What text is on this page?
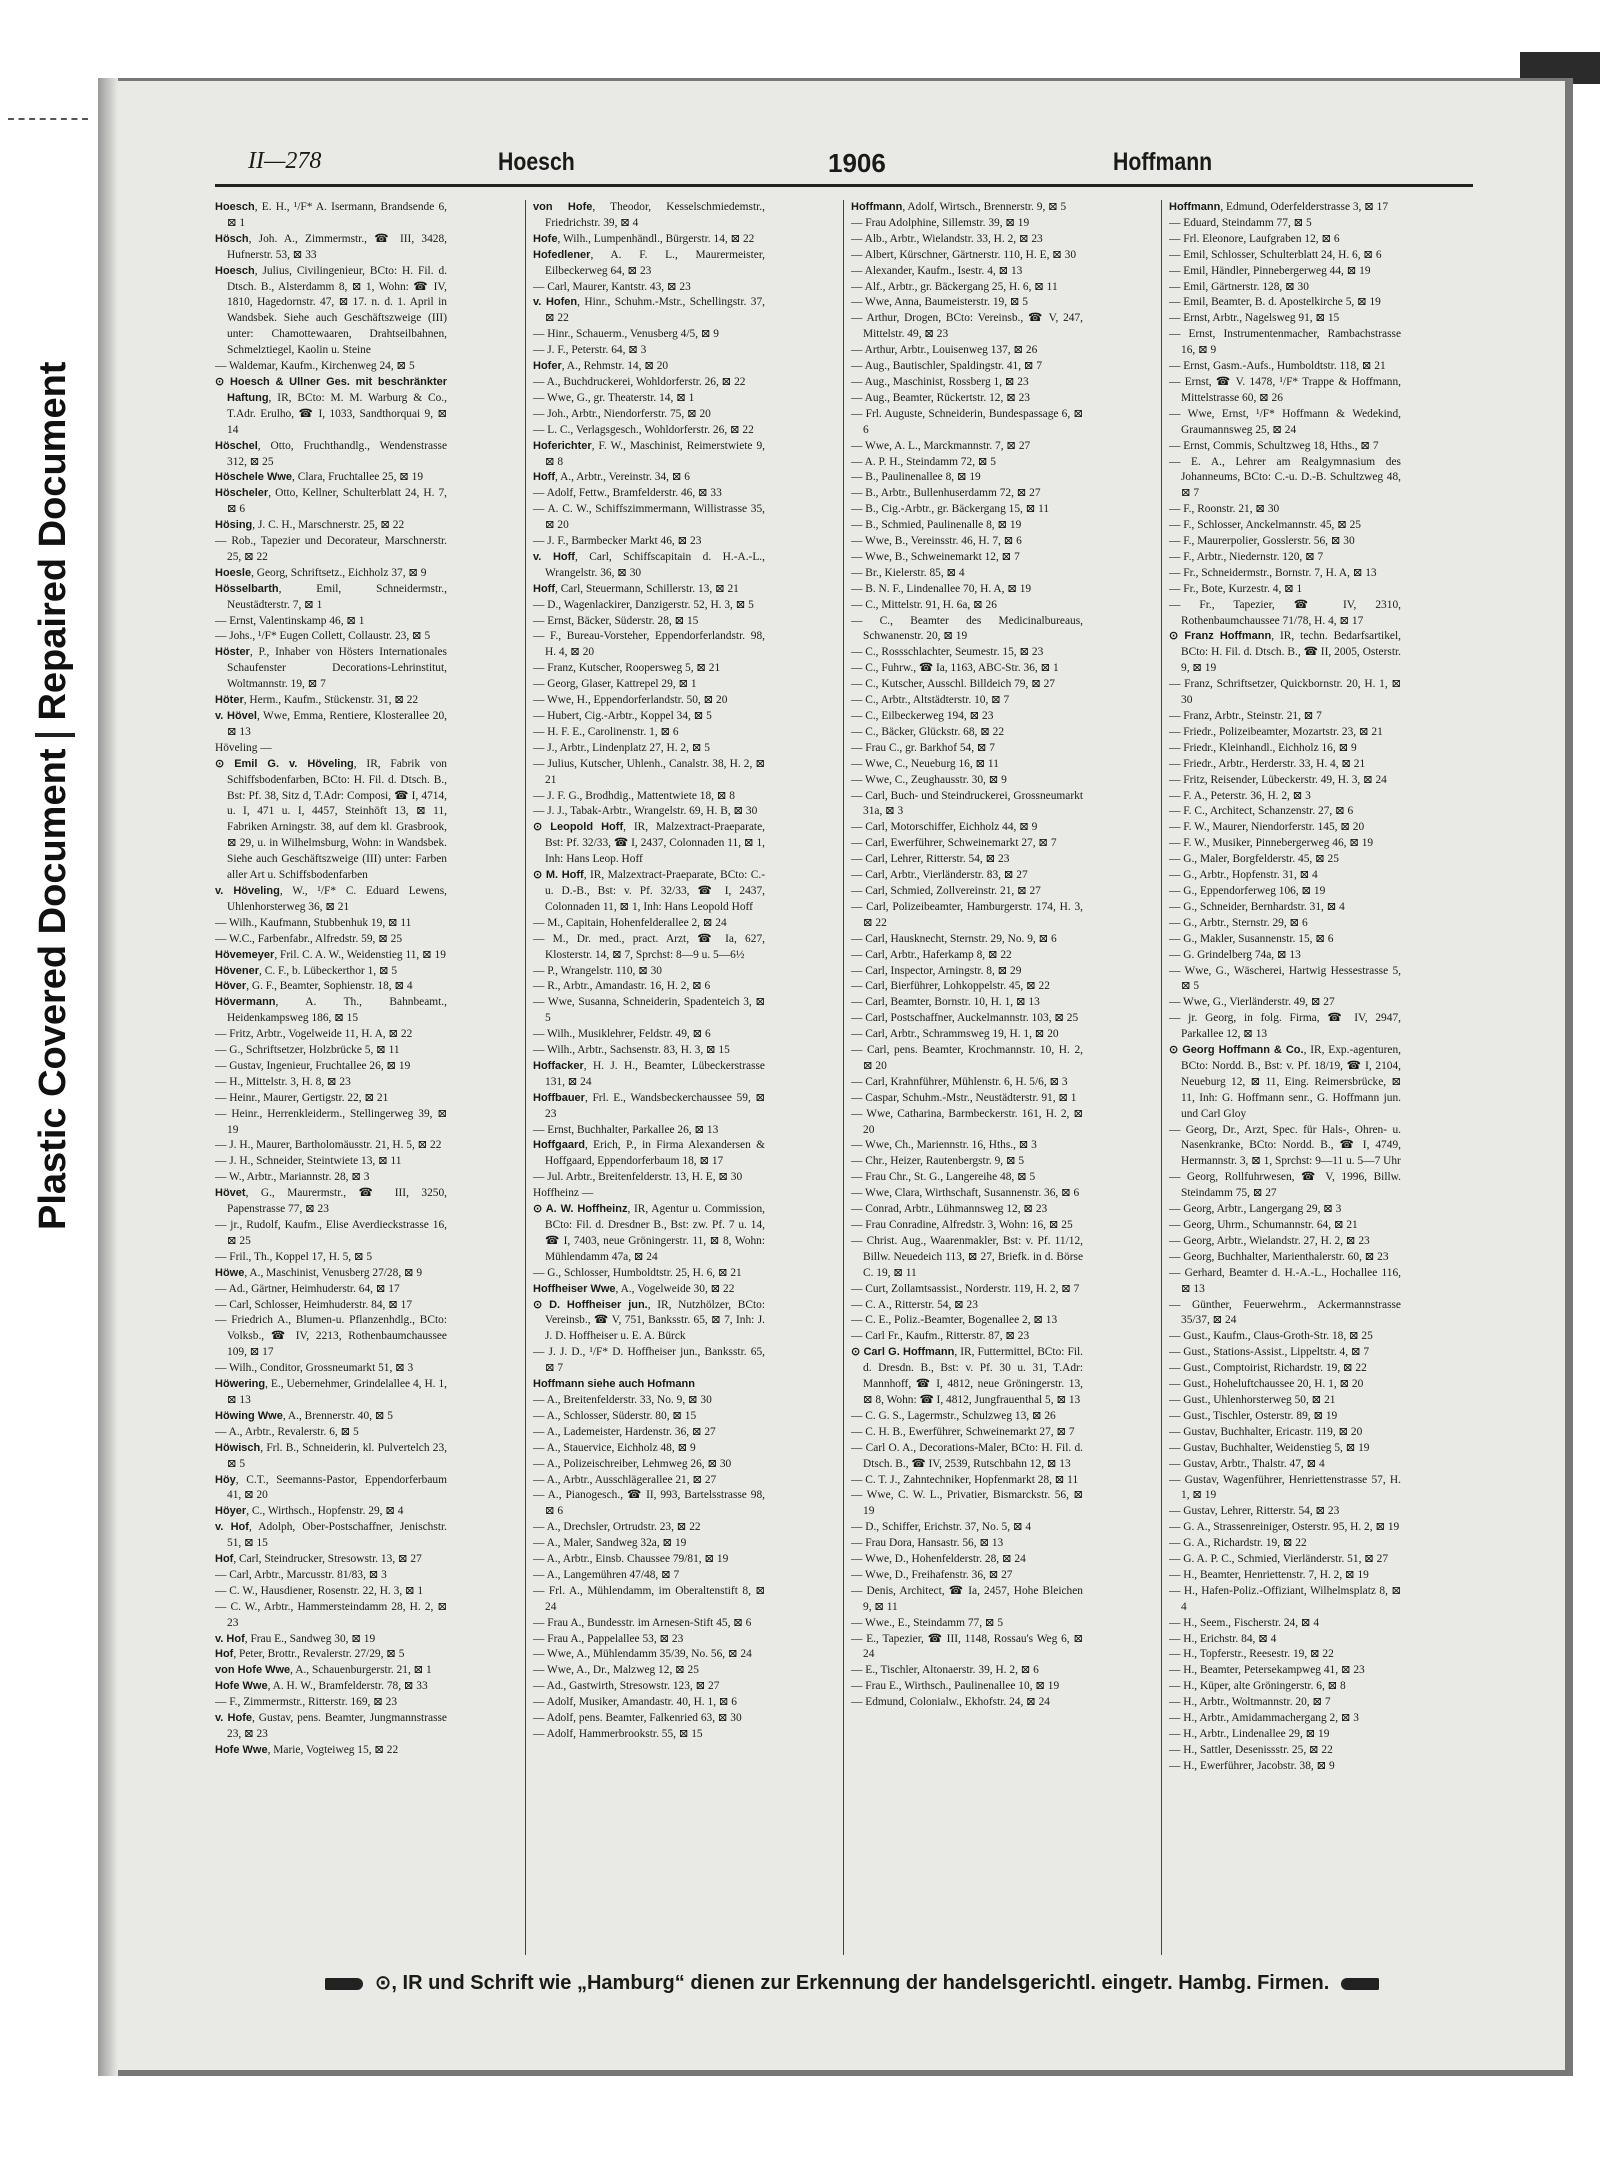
Plastic Covered DocumentRepaired Document
II—278	Hoesch	1906	Hoffmann

Hoesch, E. H., ¹/F* A. Isermann, Brandsende 6, ⊠ 1

Hösch, Joh. A., Zimmermstr., ☎ III, 3428, Hufnerstr. 53, ⊠ 33

Hoesch, Julius, Civilingenieur, BCto: H. Fil. d. Dtsch. B., Alsterdamm 8, ⊠ 1, Wohn: ☎ IV, 1810, Hagedornstr. 47, ⊠ 17. n. d. 1. April in Wandsbek. Siehe auch Geschäftszweige (III) unter: Chamottewaaren, Drahtseilbahnen, Schmelztiegel, Kaolin u. Steine

— Waldemar, Kaufm., Kirchenweg 24, ⊠ 5

⊙ Hoesch & Ullner Ges. mit beschränkter Haftung, IR, BCto: M. M. Warburg & Co., T.Adr. Erulho, ☎ I, 1033, Sandthorquai 9, ⊠ 14

Höschel, Otto, Fruchthandlg., Wendenstrasse 312, ⊠ 25

Höschele Wwe, Clara, Fruchtallee 25, ⊠ 19

Höscheler, Otto, Kellner, Schulterblatt 24, H. 7, ⊠ 6

Hösing, J. C. H., Marschnerstr. 25, ⊠ 22

— Rob., Tapezier und Decorateur, Marschnerstr. 25, ⊠ 22

Hoesle, Georg, Schriftsetz., Eichholz 37, ⊠ 9

Hösselbarth, Emil, Schneidermstr., Neustädterstr. 7, ⊠ 1

— Ernst, Valentinskamp 46, ⊠ 1

— Johs., ¹/F* Eugen Collett, Collaustr. 23, ⊠ 5

Höster, P., Inhaber von Hösters Internationales Schaufenster Decorations-Lehrinstitut, Woltmannstr. 19, ⊠ 7

Höter, Herm., Kaufm., Stückenstr. 31, ⊠ 22

v. Hövel, Wwe, Emma, Rentiere, Klosterallee 20, ⊠ 13

Höveling —

⊙ Emil G. v. Höveling, IR, Fabrik von Schiffsbodenfarben, BCto: H. Fil. d. Dtsch. B., Bst: Pf. 38, Sitz d, T.Adr: Composi, ☎ I, 4714, u. I, 471 u. I, 4457, Steinhöft 13, ⊠ 11, Fabriken Arningstr. 38, auf dem kl. Grasbrook, ⊠ 29, u. in Wilhelmsburg, Wohn: in Wandsbek. Siehe auch Geschäftszweige (III) unter: Farben aller Art u. Schiffsbodenfarben

v. Höveling, W., ¹/F* C. Eduard Lewens, Uhlenhorsterweg 36, ⊠ 21

— Wilh., Kaufmann, Stubbenhuk 19, ⊠ 11

— W.C., Farbenfabr., Alfredstr. 59, ⊠ 25

Hövemeyer, Fril. C. A. W., Weidenstieg 11, ⊠ 19

Hövener, C. F., b. Lübeckerthor 1, ⊠ 5

Höver, G. F., Beamter, Sophienstr. 18, ⊠ 4

Hövermann, A. Th., Bahnbeamt., Heidenkampsweg 186, ⊠ 15

— Fritz, Arbtr., Vogelweide 11, H. A, ⊠ 22

— G., Schriftsetzer, Holzbrücke 5, ⊠ 11

— Gustav, Ingenieur, Fruchtallee 26, ⊠ 19

— H., Mittelstr. 3, H. 8, ⊠ 23

— Heinr., Maurer, Gertigstr. 22, ⊠ 21

— Heinr., Herrenkleiderm., Stellingerweg 39, ⊠ 19

— J. H., Maurer, Bartholomäusstr. 21, H. 5, ⊠ 22

— J. H., Schneider, Steintwiete 13, ⊠ 11

— W., Arbtr., Mariannstr. 28, ⊠ 3

Hövet, G., Maurermstr., ☎ III, 3250, Papenstrasse 77, ⊠ 23

— jr., Rudolf, Kaufm., Elise Averdieckstrasse 16, ⊠ 25

— Fril., Th., Koppel 17, H. 5, ⊠ 5

Höwe, A., Maschinist, Venusberg 27/28, ⊠ 9

— Ad., Gärtner, Heimhuderstr. 64, ⊠ 17

— Carl, Schlosser, Heimhuderstr. 84, ⊠ 17

— Friedrich A., Blumen-u. Pflanzenhdlg., BCto: Volksb., ☎ IV, 2213, Rothenbaumchaussee 109, ⊠ 17

— Wilh., Conditor, Grossneumarkt 51, ⊠ 3

Höwering, E., Uebernehmer, Grindelallee 4, H. 1, ⊠ 13

Höwing Wwe, A., Brennerstr. 40, ⊠ 5

— A., Arbtr., Revalerstr. 6, ⊠ 5

Höwisch, Frl. B., Schneiderin, kl. Pulvertelch 23, ⊠ 5

Höy, C.T., Seemanns-Pastor, Eppendorferbaum 41, ⊠ 20

Höyer, C., Wirthsch., Hopfenstr. 29, ⊠ 4

v. Hof, Adolph, Ober-Postschaffner, Jenischstr. 51, ⊠ 15

Hof, Carl, Steindrucker, Stresowstr. 13, ⊠ 27

— Carl, Arbtr., Marcusstr. 81/83, ⊠ 3

— C. W., Hausdiener, Rosenstr. 22, H. 3, ⊠ 1

— C. W., Arbtr., Hammersteindamm 28, H. 2, ⊠ 23

v. Hof, Frau E., Sandweg 30, ⊠ 19

Hof, Peter, Brottr., Revalerstr. 27/29, ⊠ 5

von Hofe Wwe, A., Schauenburgerstr. 21, ⊠ 1

Hofe Wwe, A. H. W., Bramfelderstr. 78, ⊠ 33

— F., Zimmermstr., Ritterstr. 169, ⊠ 23

v. Hofe, Gustav, pens. Beamter, Jungmannstrasse 23, ⊠ 23

Hofe Wwe, Marie, Vogteiweg 15, ⊠ 22

von Hofe, Theodor, Kesselschmiedemstr., Friedrichstr. 39, ⊠ 4

Hofe, Wilh., Lumpenhändl., Bürgerstr. 14, ⊠ 22

Hofedlener, A. F. L., Maurermeister, Eilbeckerweg 64, ⊠ 23

— Carl, Maurer, Kantstr. 43, ⊠ 23

v. Hofen, Hinr., Schuhm.-Mstr., Schellingstr. 37, ⊠ 22

— Hinr., Schauerm., Venusberg 4/5, ⊠ 9

— J. F., Peterstr. 64, ⊠ 3

Hofer, A., Rehmstr. 14, ⊠ 20

— A., Buchdruckerei, Wohldorferstr. 26, ⊠ 22

— Wwe, G., gr. Theaterstr. 14, ⊠ 1

— Joh., Arbtr., Niendorferstr. 75, ⊠ 20

— L. C., Verlagsgesch., Wohldorferstr. 26, ⊠ 22

Hoferichter, F. W., Maschinist, Reimerstwiete 9, ⊠ 8

Hoff, A., Arbtr., Vereinstr. 34, ⊠ 6

— Adolf, Fettw., Bramfelderstr. 46, ⊠ 33

— A. C. W., Schiffszimmermann, Willistrasse 35, ⊠ 20

— J. F., Barmbecker Markt 46, ⊠ 23

v. Hoff, Carl, Schiffscapitain d. H.-A.-L., Wrangelstr. 36, ⊠ 30

Hoff, Carl, Steuermann, Schillerstr. 13, ⊠ 21

— D., Wagenlackirer, Danzigerstr. 52, H. 3, ⊠ 5

— Ernst, Bäcker, Süderstr. 28, ⊠ 15

— F., Bureau-Vorsteher, Eppendorferlandstr. 98, H. 4, ⊠ 20

— Franz, Kutscher, Roopersweg 5, ⊠ 21

— Georg, Glaser, Kattrepel 29, ⊠ 1

— Wwe, H., Eppendorferlandstr. 50, ⊠ 20

— Hubert, Cig.-Arbtr., Koppel 34, ⊠ 5

— H. F. E., Carolinenstr. 1, ⊠ 6

— J., Arbtr., Lindenplatz 27, H. 2, ⊠ 5

— Julius, Kutscher, Uhlenh., Canalstr. 38, H. 2, ⊠ 21

— J. F. G., Brodhdig., Mattentwiete 18, ⊠ 8

— J. J., Tabak-Arbtr., Wrangelstr. 69, H. B, ⊠ 30

⊙ Leopold Hoff, IR, Malzextract-Praeparate, Bst: Pf. 32/33, ☎ I, 2437, Colonnaden 11, ⊠ 1, Inh: Hans Leop. Hoff

⊙ M. Hoff, IR, Malzextract-Praeparate, BCto: C.-u. D.-B., Bst: v. Pf. 32/33, ☎ I, 2437, Colonnaden 11, ⊠ 1, Inh: Hans Leopold Hoff

— M., Capitain, Hohenfelderallee 2, ⊠ 24

— M., Dr. med., pract. Arzt, ☎ Ia, 627, Klosterstr. 14, ⊠ 7, Sprchst: 8—9 u. 5—6½

— P., Wrangelstr. 110, ⊠ 30

— R., Arbtr., Amandastr. 16, H. 2, ⊠ 6

— Wwe, Susanna, Schneiderin, Spadenteich 3, ⊠ 5

— Wilh., Musiklehrer, Feldstr. 49, ⊠ 6

— Wilh., Arbtr., Sachsenstr. 83, H. 3, ⊠ 15

Hoffacker, H. J. H., Beamter, Lübeckerstrasse 131, ⊠ 24

Hoffbauer, Frl. E., Wandsbeckerchaussee 59, ⊠ 23

— Ernst, Buchhalter, Parkallee 26, ⊠ 13

Hoffgaard, Erich, P., in Firma Alexandersen & Hoffgaard, Eppendorferbaum 18, ⊠ 17

— Jul. Arbtr., Breitenfelderstr. 13, H. E, ⊠ 30

Hoffheinz —

⊙ A. W. Hoffheinz, IR, Agentur u. Commission, BCto: Fil. d. Dresdner B., Bst: zw. Pf. 7 u. 14, ☎ I, 7403, neue Gröningerstr. 11, ⊠ 8, Wohn: Mühlendamm 47a, ⊠ 24

— G., Schlosser, Humboldtstr. 25, H. 6, ⊠ 21

Hoffheiser Wwe, A., Vogelweide 30, ⊠ 22

⊙ D. Hoffheiser jun., IR, Nutzhölzer, BCto: Vereinsb., ☎ V, 751, Banksstr. 65, ⊠ 7, Inh: J. J. D. Hoffheiser u. E. A. Bürck

— J. J. D., ¹/F* D. Hoffheiser jun., Banksstr. 65, ⊠ 7

Hoffmann siehe auch Hofmann

— A., Breitenfelderstr. 33, No. 9, ⊠ 30

— A., Schlosser, Süderstr. 80, ⊠ 15

— A., Lademeister, Hardenstr. 36, ⊠ 27

— A., Stauervice, Eichholz 48, ⊠ 9

— A., Polizeischreiber, Lehmweg 26, ⊠ 30

— A., Arbtr., Ausschlägerallee 21, ⊠ 27

— A., Pianogesch., ☎ II, 993, Bartelsstrasse 98, ⊠ 6

— A., Drechsler, Ortrudstr. 23, ⊠ 22

— A., Maler, Sandweg 32a, ⊠ 19

— A., Arbtr., Einsb. Chaussee 79/81, ⊠ 19

— A., Langemühren 47/48, ⊠ 7

— Frl. A., Mühlendamm, im Oberaltenstift 8, ⊠ 24

— Frau A., Bundesstr. im Arnesen-Stift 45, ⊠ 6

— Frau A., Pappelallee 53, ⊠ 23

— Wwe, A., Mühlendamm 35/39, No. 56, ⊠ 24

— Wwe, A., Dr., Malzweg 12, ⊠ 25

— Ad., Gastwirth, Stresowstr. 123, ⊠ 27

— Adolf, Musiker, Amandastr. 40, H. 1, ⊠ 6

— Adolf, pens. Beamter, Falkenried 63, ⊠ 30

— Adolf, Hammerbrookstr. 55, ⊠ 15

Hoffmann, Adolf, Wirtsch., Brennerstr. 9, ⊠ 5

— Frau Adolphine, Sillemstr. 39, ⊠ 19

— Alb., Arbtr., Wielandstr. 33, H. 2, ⊠ 23

— Albert, Kürschner, Gärtnerstr. 110, H. E, ⊠ 30

— Alexander, Kaufm., Isestr. 4, ⊠ 13

— Alf., Arbtr., gr. Bäckergang 25, H. 6, ⊠ 11

— Wwe, Anna, Baumeisterstr. 19, ⊠ 5

— Arthur, Drogen, BCto: Vereinsb., ☎ V, 247, Mittelstr. 49, ⊠ 23

— Arthur, Arbtr., Louisenweg 137, ⊠ 26

— Aug., Bautischler, Spaldingstr. 41, ⊠ 7

— Aug., Maschinist, Rossberg 1, ⊠ 23

— Aug., Beamter, Rückertstr. 12, ⊠ 23

— Frl. Auguste, Schneiderin, Bundespassage 6, ⊠ 6

— Wwe, A. L., Marckmannstr. 7, ⊠ 27

— A. P. H., Steindamm 72, ⊠ 5

— B., Paulinenallee 8, ⊠ 19

— B., Arbtr., Bullenhuserdamm 72, ⊠ 27

— B., Cig.-Arbtr., gr. Bäckergang 15, ⊠ 11

— B., Schmied, Paulinenalle 8, ⊠ 19

— Wwe, B., Vereinsstr. 46, H. 7, ⊠ 6

— Wwe, B., Schweinemarkt 12, ⊠ 7

— Br., Kielerstr. 85, ⊠ 4

— B. N. F., Lindenallee 70, H. A, ⊠ 19

— C., Mittelstr. 91, H. 6a, ⊠ 26

— C., Beamter des Medicinalbureaus, Schwanenstr. 20, ⊠ 19

— C., Rossschlachter, Seumestr. 15, ⊠ 23

— C., Fuhrw., ☎ Ia, 1163, ABC-Str. 36, ⊠ 1

— C., Kutscher, Ausschl. Billdeich 79, ⊠ 27

— C., Arbtr., Altstädterstr. 10, ⊠ 7

— C., Eilbeckerweg 194, ⊠ 23

— C., Bäcker, Glückstr. 68, ⊠ 22

— Frau C., gr. Barkhof 54, ⊠ 7

— Wwe, C., Neueburg 16, ⊠ 11

— Wwe, C., Zeughausstr. 30, ⊠ 9

— Carl, Buch- und Steindruckerei, Grossneumarkt 31a, ⊠ 3

— Carl, Motorschiffer, Eichholz 44, ⊠ 9

— Carl, Ewerführer, Schweinemarkt 27, ⊠ 7

— Carl, Lehrer, Ritterstr. 54, ⊠ 23

— Carl, Arbtr., Vierländerstr. 83, ⊠ 27

— Carl, Schmied, Zollvereinstr. 21, ⊠ 27

— Carl, Polizeibeamter, Hamburgerstr. 174, H. 3, ⊠ 22

— Carl, Hausknecht, Sternstr. 29, No. 9, ⊠ 6

— Carl, Arbtr., Haferkamp 8, ⊠ 22

— Carl, Inspector, Arningstr. 8, ⊠ 29

— Carl, Bierführer, Lohkoppelstr. 45, ⊠ 22

— Carl, Beamter, Bornstr. 10, H. 1, ⊠ 13

— Carl, Postschaffner, Auckelmannstr. 103, ⊠ 25

— Carl, Arbtr., Schrammsweg 19, H. 1, ⊠ 20

— Carl, pens. Beamter, Krochmannstr. 10, H. 2, ⊠ 20

— Carl, Krahnführer, Mühlenstr. 6, H. 5/6, ⊠ 3

— Caspar, Schuhm.-Mstr., Neustädterstr. 91, ⊠ 1

— Wwe, Catharina, Barmbeckerstr. 161, H. 2, ⊠ 20

— Wwe, Ch., Mariennstr. 16, Hths., ⊠ 3

— Chr., Heizer, Rautenbergstr. 9, ⊠ 5

— Frau Chr., St. G., Langereihe 48, ⊠ 5

— Wwe, Clara, Wirthschaft, Susannenstr. 36, ⊠ 6

— Conrad, Arbtr., Lühmannsweg 12, ⊠ 23

— Frau Conradine, Alfredstr. 3, Wohn: 16, ⊠ 25

— Christ. Aug., Waarenmakler, Bst: v. Pf. 11/12, Billw. Neuedeich 113, ⊠ 27, Briefk. in d. Börse C. 19, ⊠ 11

— Curt, Zollamtsassist., Norderstr. 119, H. 2, ⊠ 7

— C. A., Ritterstr. 54, ⊠ 23

— C. E., Poliz.-Beamter, Bogenallee 2, ⊠ 13

— Carl Fr., Kaufm., Ritterstr. 87, ⊠ 23

⊙ Carl G. Hoffmann, IR, Futtermittel, BCto: Fil. d. Dresdn. B., Bst: v. Pf. 30 u. 31, T.Adr: Mannhoff, ☎ I, 4812, neue Gröningerstr. 13, ⊠ 8, Wohn: ☎ I, 4812, Jungfrauenthal 5, ⊠ 13

— C. G. S., Lagermstr., Schulzweg 13, ⊠ 26

— C. H. B., Ewerführer, Schweinemarkt 27, ⊠ 7

— Carl O. A., Decorations-Maler, BCto: H. Fil. d. Dtsch. B., ☎ IV, 2539, Rutschbahn 12, ⊠ 13

— C. T. J., Zahntechniker, Hopfenmarkt 28, ⊠ 11

— Wwe, C. W. L., Privatier, Bismarckstr. 56, ⊠ 19

— D., Schiffer, Erichstr. 37, No. 5, ⊠ 4

— Frau Dora, Hansastr. 56, ⊠ 13

— Wwe, D., Hohenfelderstr. 28, ⊠ 24

— Wwe, D., Freihafenstr. 36, ⊠ 27

— Denis, Architect, ☎ Ia, 2457, Hohe Bleichen 9, ⊠ 11

— Wwe., E., Steindamm 77, ⊠ 5

— E., Tapezier, ☎ III, 1148, Rossau's Weg 6, ⊠ 24

— E., Tischler, Altonaerstr. 39, H. 2, ⊠ 6

— Frau E., Wirthsch., Paulinenallee 10, ⊠ 19

— Edmund, Colonialw., Ekhofstr. 24, ⊠ 24

Hoffmann, Edmund, Oderfelderstrasse 3, ⊠ 17

— Eduard, Steindamm 77, ⊠ 5

— Frl. Eleonore, Laufgraben 12, ⊠ 6

— Emil, Schlosser, Schulterblatt 24, H. 6, ⊠ 6

— Emil, Händler, Pinnebergerweg 44, ⊠ 19

— Emil, Gärtnerstr. 128, ⊠ 30

— Emil, Beamter, B. d. Apostelkirche 5, ⊠ 19

— Ernst, Arbtr., Nagelsweg 91, ⊠ 15

— Ernst, Instrumentenmacher, Rambachstrasse 16, ⊠ 9

— Ernst, Gasm.-Aufs., Humboldtstr. 118, ⊠ 21

— Ernst, ☎ V. 1478, ¹/F* Trappe & Hoffmann, Mittelstrasse 60, ⊠ 26

— Wwe, Ernst, ¹/F* Hoffmann & Wedekind, Graumannsweg 25, ⊠ 24

— Ernst, Commis, Schultzweg 18, Hths., ⊠ 7

— E. A., Lehrer am Realgymnasium des Johanneums, BCto: C.-u. D.-B. Schultzweg 48, ⊠ 7

— F., Roonstr. 21, ⊠ 30

— F., Schlosser, Anckelmannstr. 45, ⊠ 25

— F., Maurerpolier, Gosslerstr. 56, ⊠ 30

— F., Arbtr., Niedernstr. 120, ⊠ 7

— Fr., Schneidermstr., Bornstr. 7, H. A, ⊠ 13

— Fr., Bote, Kurzestr. 4, ⊠ 1

— Fr., Tapezier, ☎ IV, 2310, Rothenbaumchaussee 71/78, H. 4, ⊠ 17

⊙ Franz Hoffmann, IR, techn. Bedarfsartikel, BCto: H. Fil. d. Dtsch. B., ☎ II, 2005, Osterstr. 9, ⊠ 19

— Franz, Schriftsetzer, Quickbornstr. 20, H. 1, ⊠ 30

— Franz, Arbtr., Steinstr. 21, ⊠ 7

— Friedr., Polizeibeamter, Mozartstr. 23, ⊠ 21

— Friedr., Kleinhandl., Eichholz 16, ⊠ 9

— Friedr., Arbtr., Herderstr. 33, H. 4, ⊠ 21

— Fritz, Reisender, Lübeckerstr. 49, H. 3, ⊠ 24

— F. A., Peterstr. 36, H. 2, ⊠ 3

— F. C., Architect, Schanzenstr. 27, ⊠ 6

— F. W., Maurer, Niendorferstr. 145, ⊠ 20

— F. W., Musiker, Pinnebergerweg 46, ⊠ 19

— G., Maler, Borgfelderstr. 45, ⊠ 25

— G., Arbtr., Hopfenstr. 31, ⊠ 4

— G., Eppendorferweg 106, ⊠ 19

— G., Schneider, Bernhardstr. 31, ⊠ 4

— G., Arbtr., Sternstr. 29, ⊠ 6

— G., Makler, Susannenstr. 15, ⊠ 6

— G. Grindelberg 74a, ⊠ 13

— Wwe, G., Wäscherei, Hartwig Hessestrasse 5, ⊠ 5

— Wwe, G., Vierländerstr. 49, ⊠ 27

— jr. Georg, in folg. Firma, ☎ IV, 2947, Parkallee 12, ⊠ 13

⊙ Georg Hoffmann & Co., IR, Exp.-agenturen, BCto: Nordd. B., Bst: v. Pf. 18/19, ☎ I, 2104, Neueburg 12, ⊠ 11, Eing. Reimersbrücke, ⊠ 11, Inh: G. Hoffmann senr., G. Hoffmann jun. und Carl Gloy

— Georg, Dr., Arzt, Spec. für Hals-, Ohren- u. Nasenkranke, BCto: Nordd. B., ☎ I, 4749, Hermannstr. 3, ⊠ 1, Sprchst: 9—11 u. 5—7 Uhr

— Georg, Rollfuhrwesen, ☎ V, 1996, Billw. Steindamm 75, ⊠ 27

— Georg, Arbtr., Langergang 29, ⊠ 3

— Georg, Uhrm., Schumannstr. 64, ⊠ 21

— Georg, Arbtr., Wielandstr. 27, H. 2, ⊠ 23

— Georg, Buchhalter, Marienthalerstr. 60, ⊠ 23

— Gerhard, Beamter d. H.-A.-L., Hochallee 116, ⊠ 13

— Günther, Feuerwehrm., Ackermannstrasse 35/37, ⊠ 24

— Gust., Kaufm., Claus-Groth-Str. 18, ⊠ 25

— Gust., Stations-Assist., Lippeltstr. 4, ⊠ 7

— Gust., Comptoirist, Richardstr. 19, ⊠ 22

— Gust., Hoheluftchaussee 20, H. 1, ⊠ 20

— Gust., Uhlenhorsterweg 50, ⊠ 21

— Gust., Tischler, Osterstr. 89, ⊠ 19

— Gustav, Buchhalter, Ericastr. 119, ⊠ 20

— Gustav, Buchhalter, Weidenstieg 5, ⊠ 19

— Gustav, Arbtr., Thalstr. 47, ⊠ 4

— Gustav, Wagenführer, Henriettenstrasse 57, H. 1, ⊠ 19

— Gustav, Lehrer, Ritterstr. 54, ⊠ 23

— G. A., Strassenreiniger, Osterstr. 95, H. 2, ⊠ 19

— G. A., Richardstr. 19, ⊠ 22

— G. A. P. C., Schmied, Vierländerstr. 51, ⊠ 27

— H., Beamter, Henriettenstr. 7, H. 2, ⊠ 19

— H., Hafen-Poliz.-Offiziant, Wilhelmsplatz 8, ⊠ 4

— H., Seem., Fischerstr. 24, ⊠ 4

— H., Erichstr. 84, ⊠ 4

— H., Topferstr., Reesestr. 19, ⊠ 22

— H., Beamter, Petersekampweg 41, ⊠ 23

— H., Küper, alte Gröningerstr. 6, ⊠ 8

— H., Arbtr., Woltmannstr. 20, ⊠ 7

— H., Arbtr., Amidammachergang 2, ⊠ 3

— H., Arbtr., Lindenallee 29, ⊠ 19

— H., Sattler, Desenissstr. 25, ⊠ 22

— H., Ewerführer, Jacobstr. 38, ⊠ 9

⊙, IR und Schrift wie „Hamburg“ dienen zur Erkennung der handelsgerichtl. eingetr. Hambg. Firmen.
